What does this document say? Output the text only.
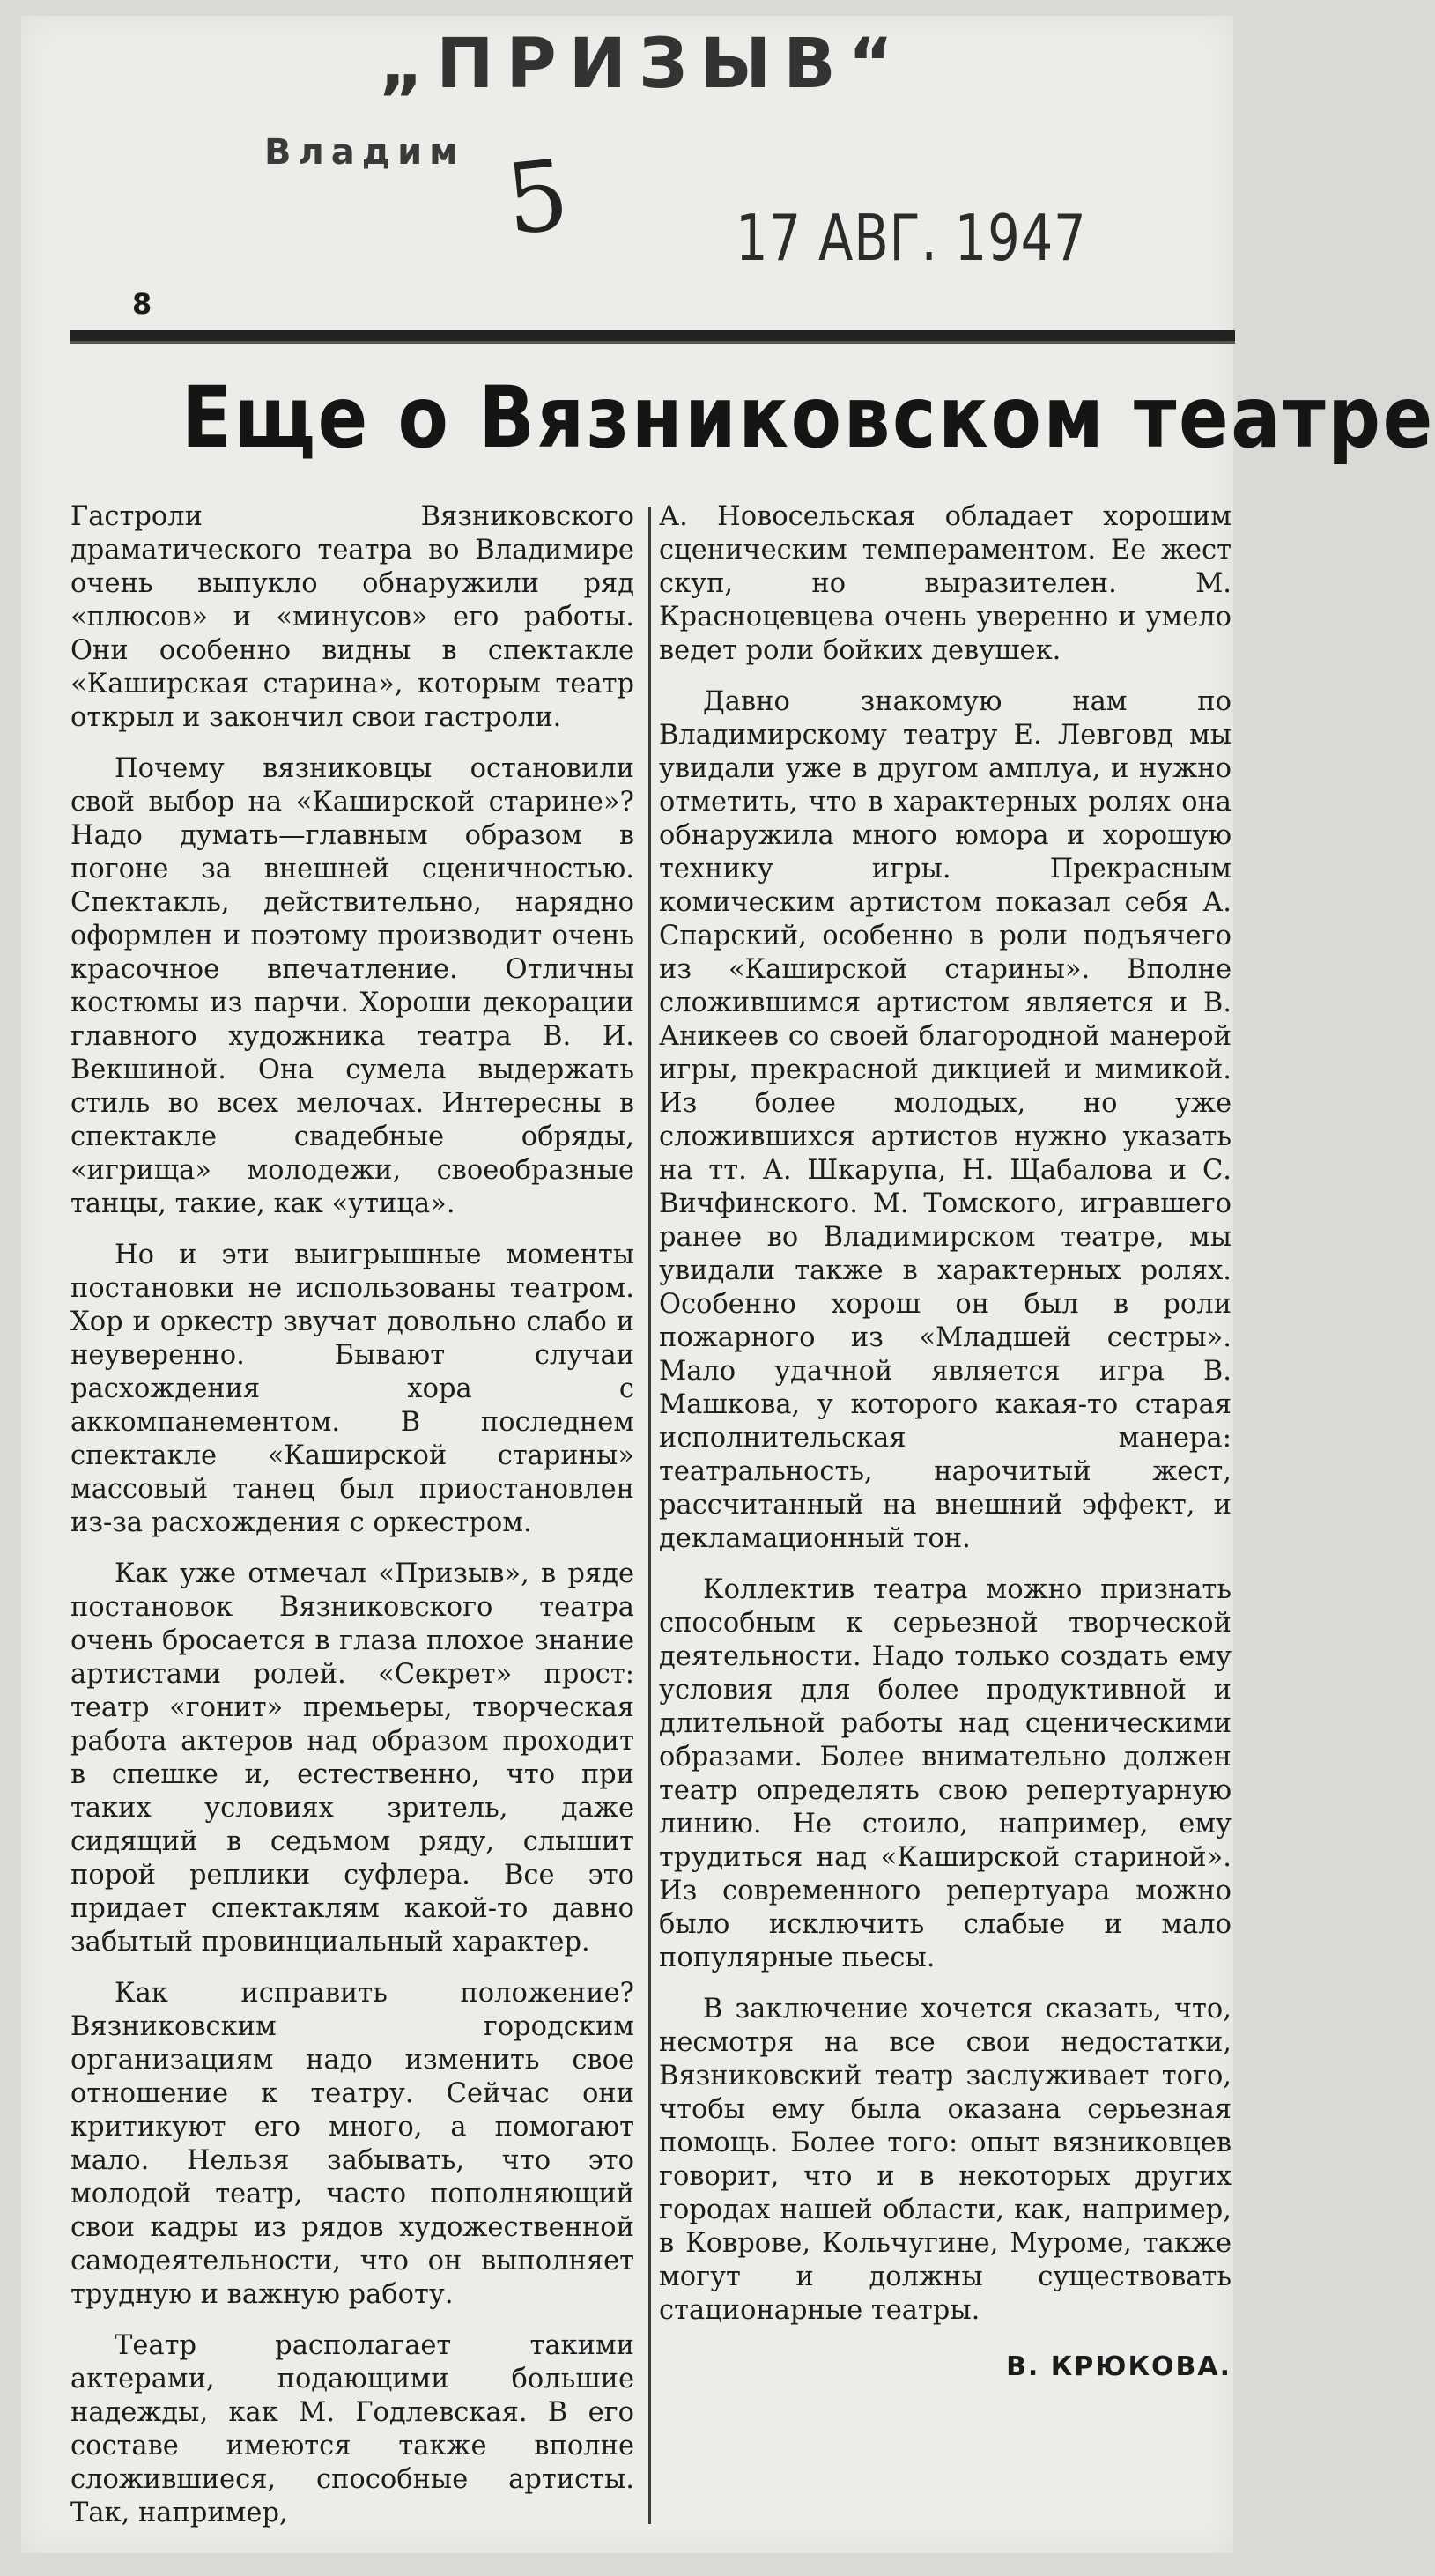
„ПРИЗЫВ“
Владим 5	17 АВГ. 1947
8
Еще о Вязниковском театре

Гастроли Вязниковского драматического театра во Владимире очень выпукло обнаружили ряд «плюсов» и «минусов» его работы. Они особенно видны в спектакле «Каширская старина», которым театр открыл и закончил свои гастроли.

Почему вязниковцы остановили свой выбор на «Каширской старине»? Надо думать—главным образом в погоне за внешней сценичностью. Спектакль, действительно, нарядно оформлен и поэтому производит очень красочное впечатление. Отличны костюмы из парчи. Хороши декорации главного художника театра В. И. Векшиной. Она сумела выдержать стиль во всех мелочах. Интересны в спектакле свадебные обряды, «игрища» молодежи, своеобразные танцы, такие, как «утица».

Но и эти выигрышные моменты постановки не использованы театром. Хор и оркестр звучат довольно слабо и неуверенно. Бывают случаи расхождения хора с аккомпанементом. В последнем спектакле «Каширской старины» массовый танец был приостановлен из-за расхождения с оркестром.

Как уже отмечал «Призыв», в ряде постановок Вязниковского театра очень бросается в глаза плохое знание артистами ролей. «Секрет» прост: театр «гонит» премьеры, творческая работа актеров над образом проходит в спешке и, естественно, что при таких условиях зритель, даже сидящий в седьмом ряду, слышит порой реплики суфлера. Все это придает спектаклям какой-то давно забытый провинциальный характер.

Как исправить положение? Вязниковским городским организациям надо изменить свое отношение к театру. Сейчас они критикуют его много, а помогают мало. Нельзя забывать, что это молодой театр, часто пополняющий свои кадры из рядов художественной самодеятельности, что он выполняет трудную и важную работу.

Театр располагает такими актерами, подающими большие надежды, как М. Годлевская. В его составе имеются также вполне сложившиеся, способные артисты. Так, например,

А. Новосельская обладает хорошим сценическим темпераментом. Ее жест скуп, но выразителен. М. Красноцевцева очень уверенно и умело ведет роли бойких девушек.

Давно знакомую нам по Владимирскому театру Е. Левговд мы увидали уже в другом амплуа, и нужно отметить, что в характерных ролях она обнаружила много юмора и хорошую технику игры. Прекрасным комическим артистом показал себя А. Спарский, особенно в роли подъячего из «Каширской старины». Вполне сложившимся артистом является и В. Аникеев со своей благородной манерой игры, прекрасной дикцией и мимикой. Из более молодых, но уже сложившихся артистов нужно указать на тт. А. Шкарупа, Н. Щабалова и С. Вичфинского. М. Томского, игравшего ранее во Владимирском театре, мы увидали также в характерных ролях. Особенно хорош он был в роли пожарного из «Младшей сестры». Мало удачной является игра В. Машкова, у которого какая-то старая исполнительская манера: театральность, нарочитый жест, рассчитанный на внешний эффект, и декламационный тон.

Коллектив театра можно признать способным к серьезной творческой деятельности. Надо только создать ему условия для более продуктивной и длительной работы над сценическими образами. Более внимательно должен театр определять свою репертуарную линию. Не стоило, например, ему трудиться над «Каширской стариной». Из современного репертуара можно было исключить слабые и мало популярные пьесы.

В заключение хочется сказать, что, несмотря на все свои недостатки, Вязниковский театр заслуживает того, чтобы ему была оказана серьезная помощь. Более того: опыт вязниковцев говорит, что и в некоторых других городах нашей области, как, например, в Коврове, Кольчугине, Муроме, также могут и должны существовать стационарные театры.

В. КРЮКОВА.
